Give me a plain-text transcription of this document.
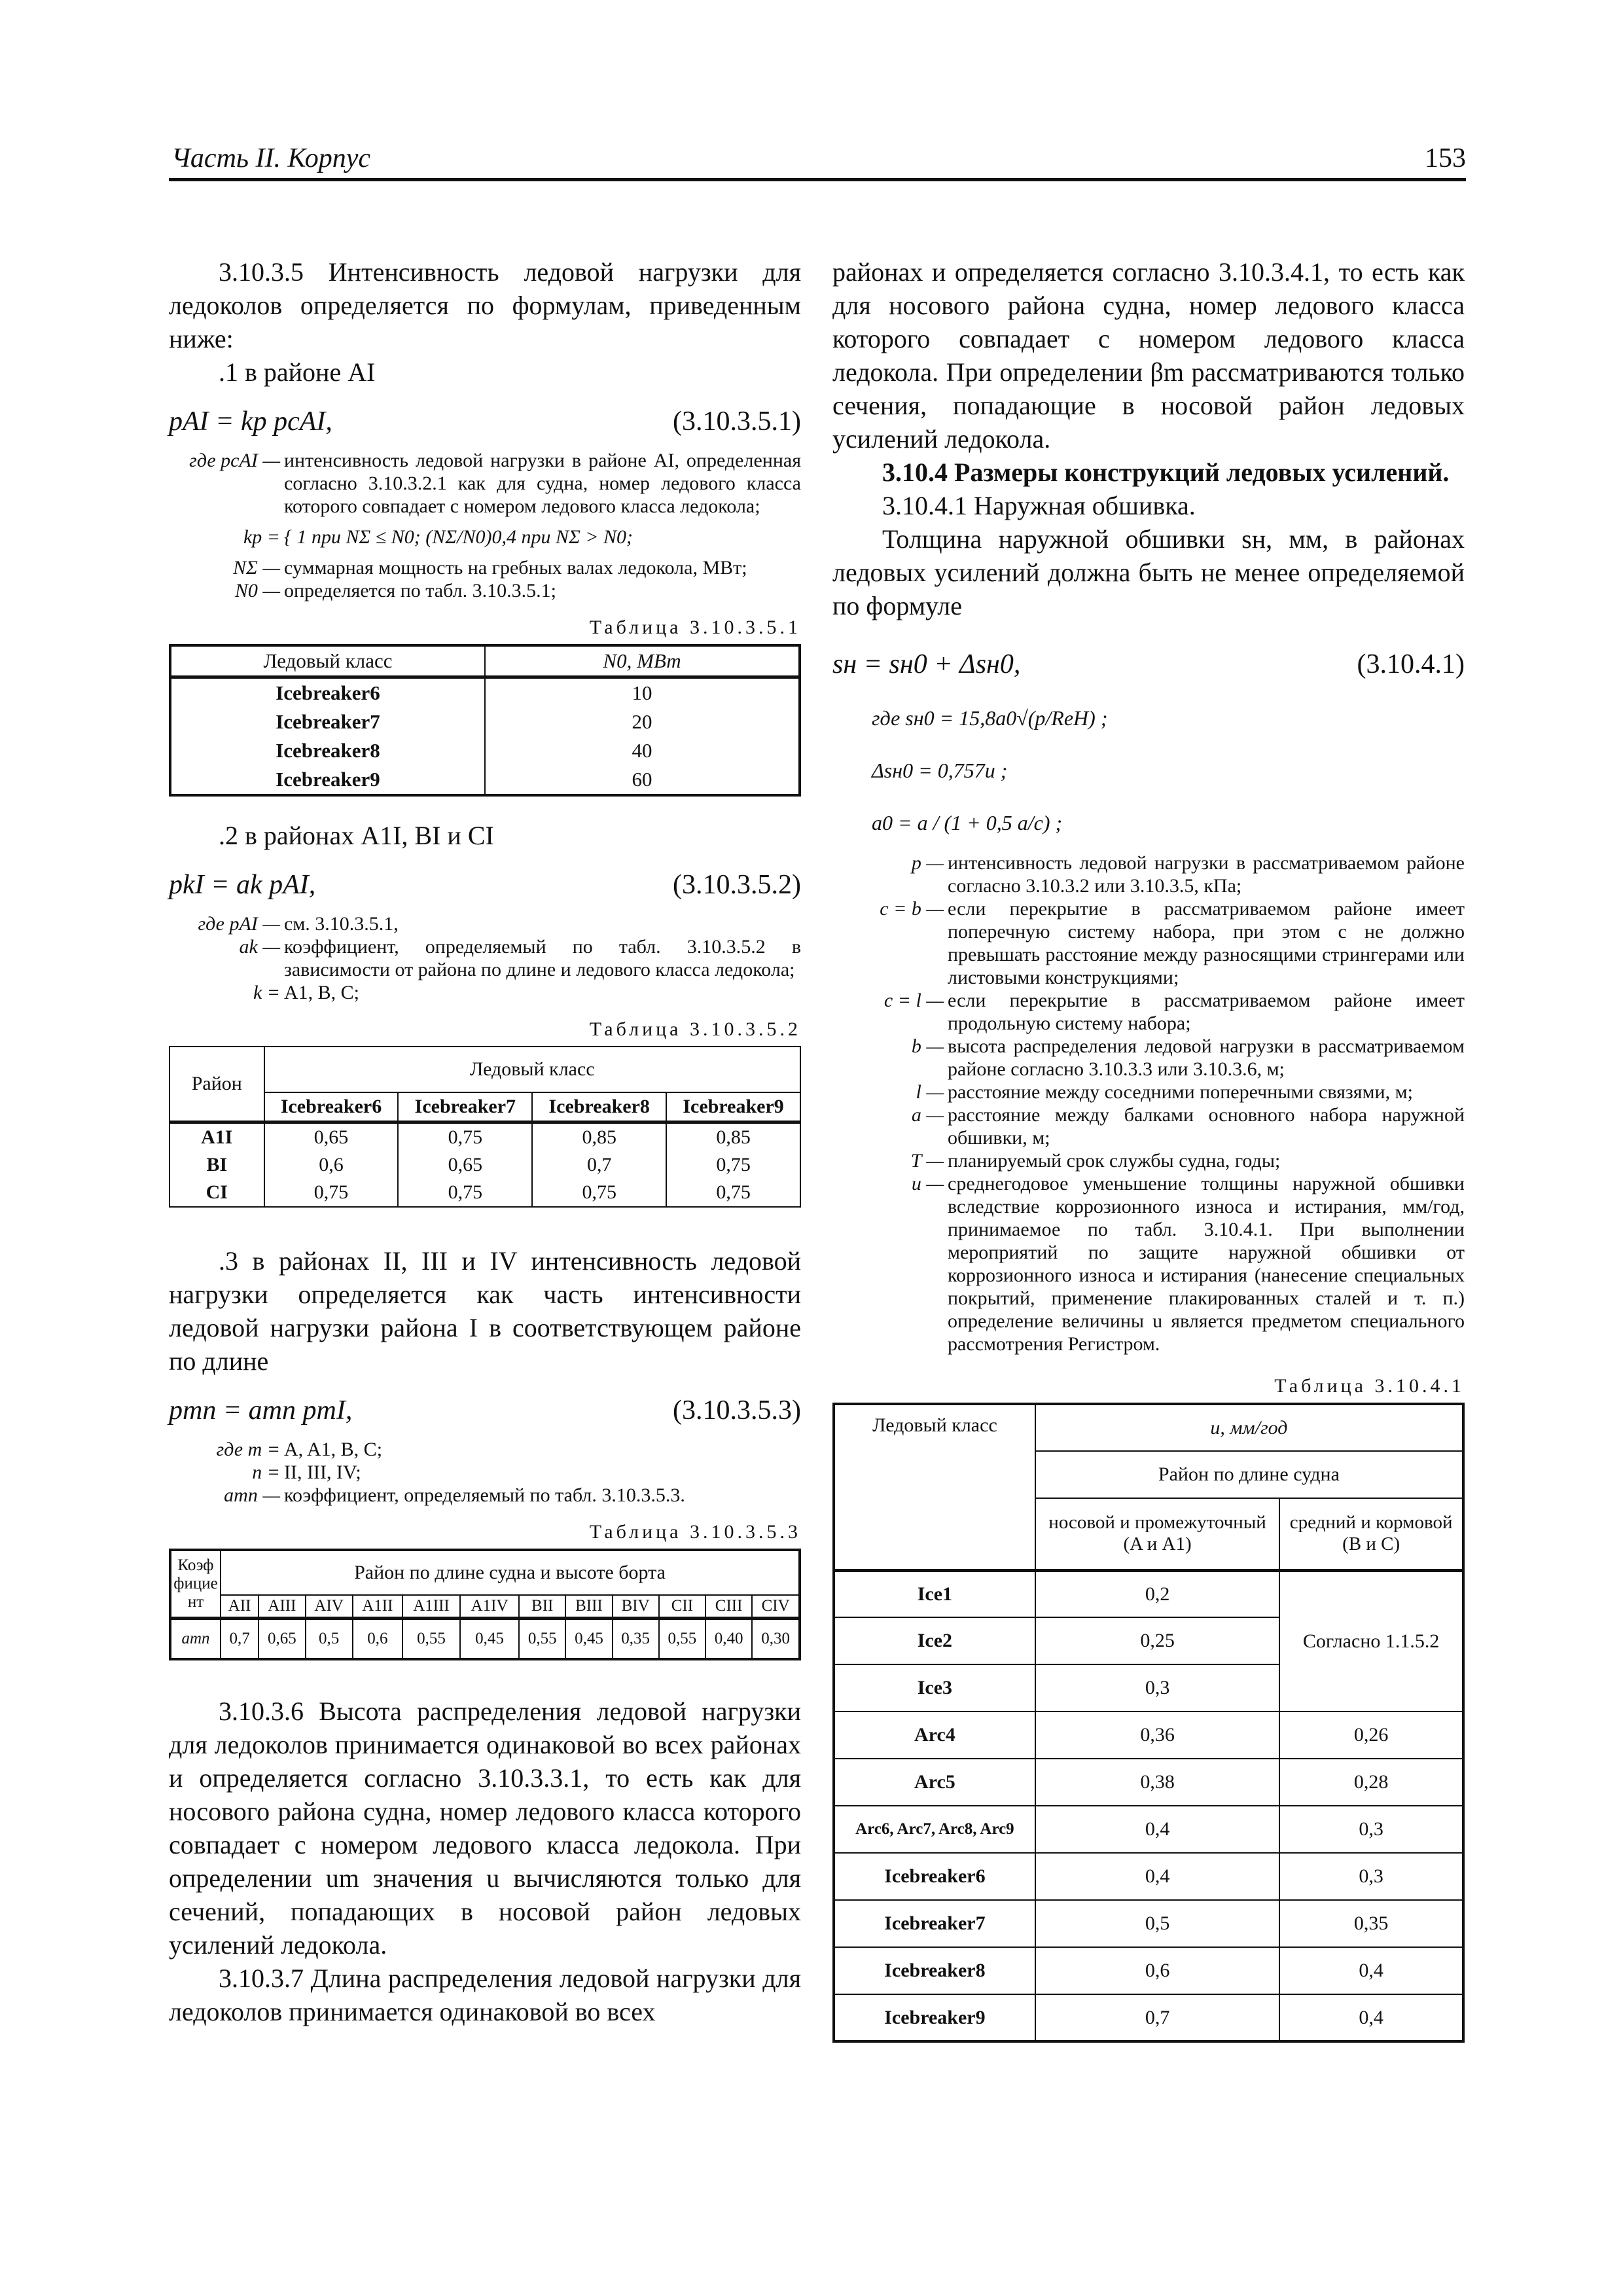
Часть II. Корпус	153

3.10.3.5 Интенсивность ледовой нагрузки для ледоколов определяется по формулам, приведенным ниже:

.1 в районе AI

pAI = kp pcAI,	(3.10.3.5.1)
где pcAI — интенсивность ледовой нагрузки в районе AI, определенная согласно 3.10.3.2.1 как для судна, номер ледового класса которого совпадает с номером ледового класса ледокола;
kp = { 1 при NΣ ≤ N0; (NΣ/N0)0,4 при NΣ > N0;
NΣ — суммарная мощность на гребных валах ледокола, МВт;
N0 — определяется по табл. 3.10.3.5.1;
Таблица 3.10.3.5.1
Ледовый класс	N0, МВт
Icebreaker6	10
Icebreaker7	20
Icebreaker8	40
Icebreaker9	60

.2 в районах A1I, BI и CI

pkI = ak pAI,	(3.10.3.5.2)
где pAI — см. 3.10.3.5.1,
ak — коэффициент, определяемый по табл. 3.10.3.5.2 в зависимости от района по длине и ледового класса ледокола;
k = A1, B, C;
Таблица 3.10.3.5.2
Район	Ледовый класс			
	Icebreaker6	Icebreaker7	Icebreaker8	Icebreaker9
A1I	0,65	0,75	0,85	0,85
BI	0,6	0,65	0,7	0,75
CI	0,75	0,75	0,75	0,75

.3 в районах II, III и IV интенсивность ледовой нагрузки определяется как часть интенсивности ледовой нагрузки района I в соответствующем районе по длине

pmn = amn pmI,	(3.10.3.5.3)
где m = A, A1, B, C;
n = II, III, IV;
amn — коэффициент, определяемый по табл. 3.10.3.5.3.
Таблица 3.10.3.5.3
Коэффициент	Район по длине судна и высоте борта											
	AII	AIII	AIV	A1II	A1III	A1IV	BII	BIII	BIV	CII	CIII	CIV
amn	0,7	0,65	0,5	0,6	0,55	0,45	0,55	0,45	0,35	0,55	0,40	0,30

3.10.3.6 Высота распределения ледовой нагрузки для ледоколов принимается одинаковой во всех районах и определяется согласно 3.10.3.3.1, то есть как для носового района судна, номер ледового класса которого совпадает с номером ледового класса ледокола. При определении um значения u вычисляются только для сечений, попадающих в носовой район ледовых усилений ледокола.

3.10.3.7 Длина распределения ледовой нагрузки для ледоколов принимается одинаковой во всех

районах и определяется согласно 3.10.3.4.1, то есть как для носового района судна, номер ледового класса которого совпадает с номером ледового класса ледокола. При определении βm рассматриваются только сечения, попадающие в носовой район ледовых усилений ледокола.

3.10.4 Размеры конструкций ледовых усилений.

3.10.4.1 Наружная обшивка.

Толщина наружной обшивки sн, мм, в районах ледовых усилений должна быть не менее определяемой по формуле

sн = sн0 + Δsн0,	(3.10.4.1)
где sн0 = 15,8a0√(p/ReH) ;
Δsн0 = 0,757u ;
a0 = a / (1 + 0,5 a/c) ;
p — интенсивность ледовой нагрузки в рассматриваемом районе согласно 3.10.3.2 или 3.10.3.5, кПа;
c = b — если перекрытие в рассматриваемом районе имеет поперечную систему набора, при этом c не должно превышать расстояние между разносящими стрингерами или листовыми конструкциями;
c = l — если перекрытие в рассматриваемом районе имеет продольную систему набора;
b — высота распределения ледовой нагрузки в рассматриваемом районе согласно 3.10.3.3 или 3.10.3.6, м;
l — расстояние между соседними поперечными связями, м;
a — расстояние между балками основного набора наружной обшивки, м;
T — планируемый срок службы судна, годы;
u — среднегодовое уменьшение толщины наружной обшивки вследствие коррозионного износа и истирания, мм/год, принимаемое по табл. 3.10.4.1. При выполнении мероприятий по защите наружной обшивки от коррозионного износа и истирания (нанесение специальных покрытий, применение плакированных сталей и т. п.) определение величины u является предметом специального рассмотрения Регистром.
Таблица 3.10.4.1
Ледовый класс	u, мм/год	
	Район по длине судна	
	носовой и промежуточный (A и A1)	средний и кормовой (B и C)
Ice1	0,2	Согласно 1.1.5.2
Ice2	0,25	
Ice3	0,3	
Arc4	0,36	0,26
Arc5	0,38	0,28
Arc6, Arc7, Arc8, Arc9	0,4	0,3
Icebreaker6	0,4	0,3
Icebreaker7	0,5	0,35
Icebreaker8	0,6	0,4
Icebreaker9	0,7	0,4
